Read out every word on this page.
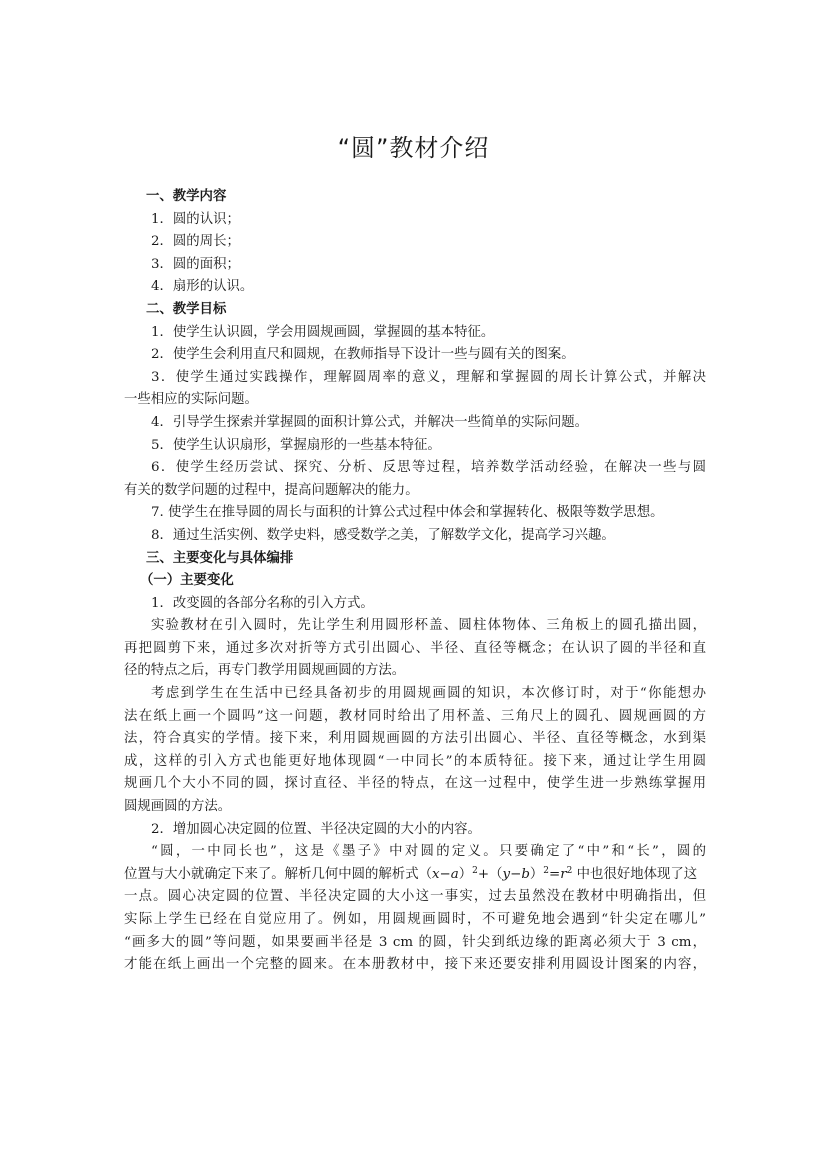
“圆”教材介绍
一、教学内容
1．圆的认识；
2．圆的周长；
3．圆的面积；
4．扇形的认识。
二、教学目标
1．使学生认识圆，学会用圆规画圆，掌握圆的基本特征。
2．使学生会利用直尺和圆规，在教师指导下设计一些与圆有关的图案。
3．使学生通过实践操作，理解圆周率的意义，理解和掌握圆的周长计算公式，并解决
一些相应的实际问题。
4．引导学生探索并掌握圆的面积计算公式，并解决一些简单的实际问题。
5．使学生认识扇形，掌握扇形的一些基本特征。
6．使学生经历尝试、探究、分析、反思等过程，培养数学活动经验，在解决一些与圆
有关的数学问题的过程中，提高问题解决的能力。
7. 使学生在推导圆的周长与面积的计算公式过程中体会和掌握转化、极限等数学思想。
8．通过生活实例、数学史料，感受数学之美，了解数学文化，提高学习兴趣。
三、主要变化与具体编排
（一）主要变化
1．改变圆的各部分名称的引入方式。
实验教材在引入圆时，先让学生利用圆形杯盖、圆柱体物体、三角板上的圆孔描出圆，
再把圆剪下来，通过多次对折等方式引出圆心、半径、直径等概念；在认识了圆的半径和直
径的特点之后，再专门教学用圆规画圆的方法。
考虑到学生在生活中已经具备初步的用圆规画圆的知识，本次修订时，对于“你能想办
法在纸上画一个圆吗”这一问题，教材同时给出了用杯盖、三角尺上的圆孔、圆规画圆的方
法，符合真实的学情。接下来，利用圆规画圆的方法引出圆心、半径、直径等概念，水到渠
成，这样的引入方式也能更好地体现圆“一中同长”的本质特征。接下来，通过让学生用圆
规画几个大小不同的圆，探讨直径、半径的特点，在这一过程中，使学生进一步熟练掌握用
圆规画圆的方法。
2．增加圆心决定圆的位置、半径决定圆的大小的内容。
“圆，一中同长也”，这是《墨子》中对圆的定义。只要确定了“中”和“长”，圆的
位置与大小就确定下来了。解析几何中圆的解析式$(x-a)^2+(y-b)^2=r^2$ 中也很好地体现了这
一点。圆心决定圆的位置、半径决定圆的大小这一事实，过去虽然没在教材中明确指出，但
实际上学生已经在自觉应用了。例如，用圆规画圆时，不可避免地会遇到“针尖定在哪儿”
“画多大的圆”等问题，如果要画半径是 3 cm 的圆，针尖到纸边缘的距离必须大于 3 cm，
才能在纸上画出一个完整的圆来。在本册教材中，接下来还要安排利用圆设计图案的内容，
